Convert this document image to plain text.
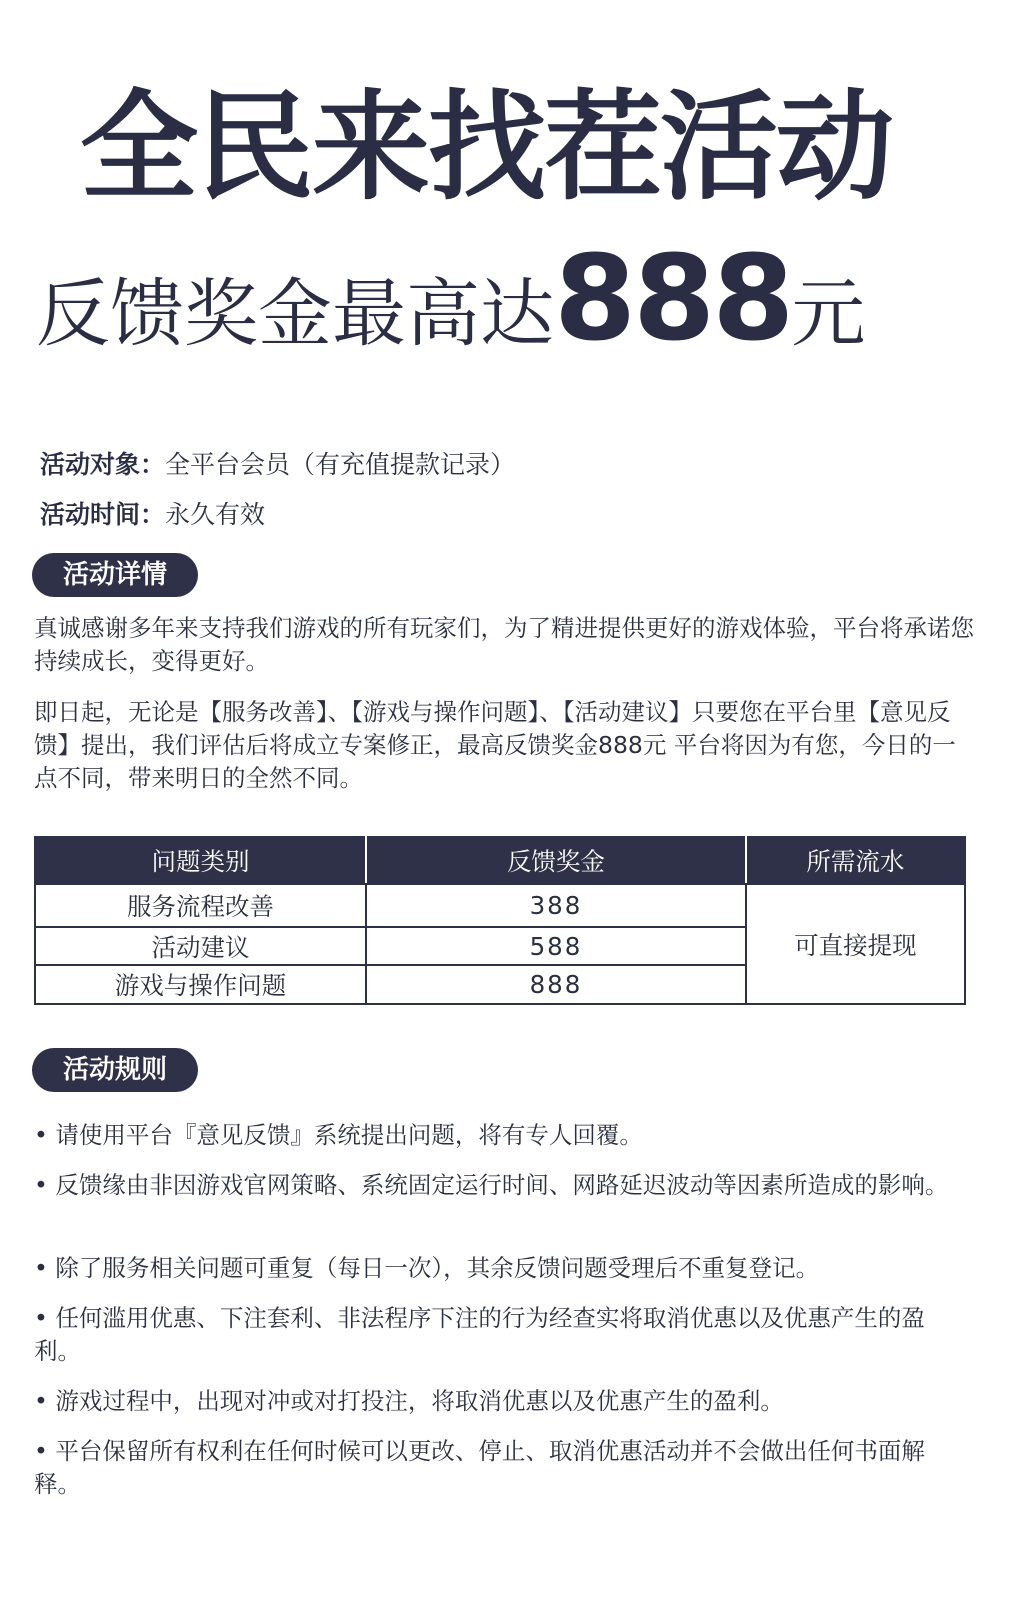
全民来找茬活动
反馈奖金最高达888元
活动对象：全平台会员（有充值提款记录）
活动时间：永久有效
活动详情
真诚感谢多年来支持我们游戏的所有玩家们，为了精进提供更好的游戏体验，平台将承诺您持续成长，变得更好。
即日起，无论是【服务改善】、【游戏与操作问题】、【活动建议】只要您在平台里【意见反馈】提出，我们评估后将成立专案修正，最高反馈奖金888元 平台将因为有您，今日的一点不同，带来明日的全然不同。
问题类别	反馈奖金	所需流水
服务流程改善	388	可直接提现
活动建议	588	
游戏与操作问题	888	
活动规则
• 请使用平台『意见反馈』系统提出问题，将有专人回覆。
• 反馈缘由非因游戏官网策略、系统固定运行时间、网路延迟波动等因素所造成的影响。
• 除了服务相关问题可重复（每日一次），其余反馈问题受理后不重复登记。
• 任何滥用优惠、下注套利、非法程序下注的行为经查实将取消优惠以及优惠产生的盈利。
• 游戏过程中，出现对冲或对打投注，将取消优惠以及优惠产生的盈利。
• 平台保留所有权利在任何时候可以更改、停止、取消优惠活动并不会做出任何书面解释。
